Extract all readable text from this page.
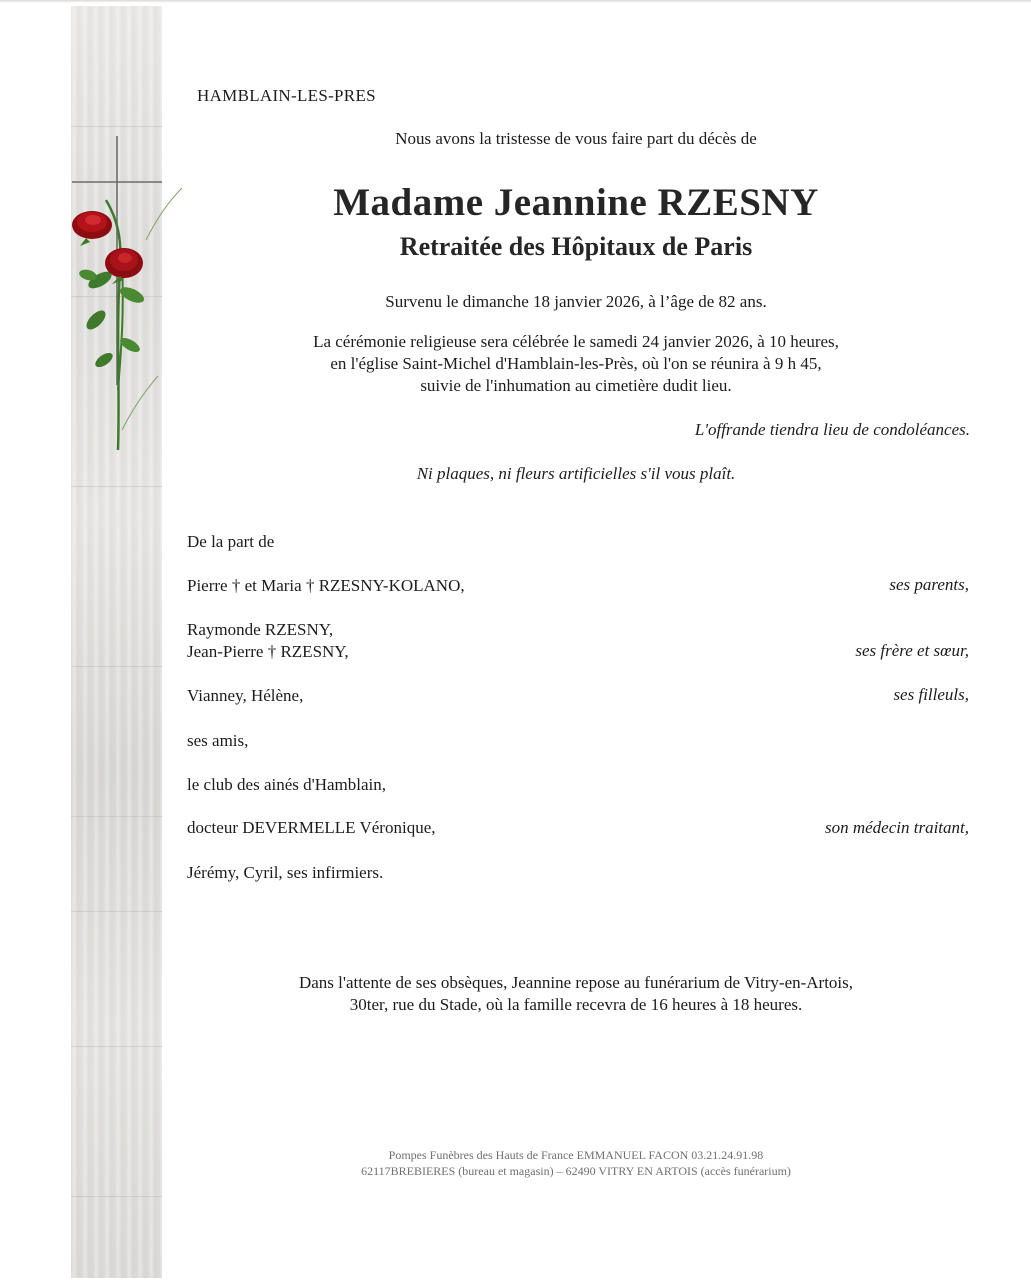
HAMBLAIN-LES-PRES

Nous avons la tristesse de vous faire part du décès de

Madame Jeannine RZESNY

Retraitée des Hôpitaux de Paris

Survenu le dimanche 18 janvier 2026, à l’âge de 82 ans.

La cérémonie religieuse sera célébrée le samedi 24 janvier 2026, à 10 heures,

en l'église Saint-Michel d'Hamblain-les-Près, où l'on se réunira à 9 h 45,

suivie de l'inhumation au cimetière dudit lieu.

L'offrande tiendra lieu de condoléances.

Ni plaques, ni fleurs artificielles s'il vous plaît.

De la part de

Pierre † et Maria † RZESNY-KOLANO,	ses parents,

Raymonde RZESNY,

Jean-Pierre † RZESNY,	ses frère et sœur,

Vianney, Hélène,	ses filleuls,

ses amis,

le club des ainés d'Hamblain,

docteur DEVERMELLE Véronique,	son médecin traitant,

Jérémy, Cyril, ses infirmiers.

Dans l'attente de ses obsèques, Jeannine repose au funérarium de Vitry-en-Artois,

30ter, rue du Stade, où la famille recevra de 16 heures à 18 heures.

Pompes Funèbres des Hauts de France EMMANUEL FACON 03.21.24.91.98

62117BREBIERES (bureau et magasin) – 62490 VITRY EN ARTOIS (accès funérarium)
